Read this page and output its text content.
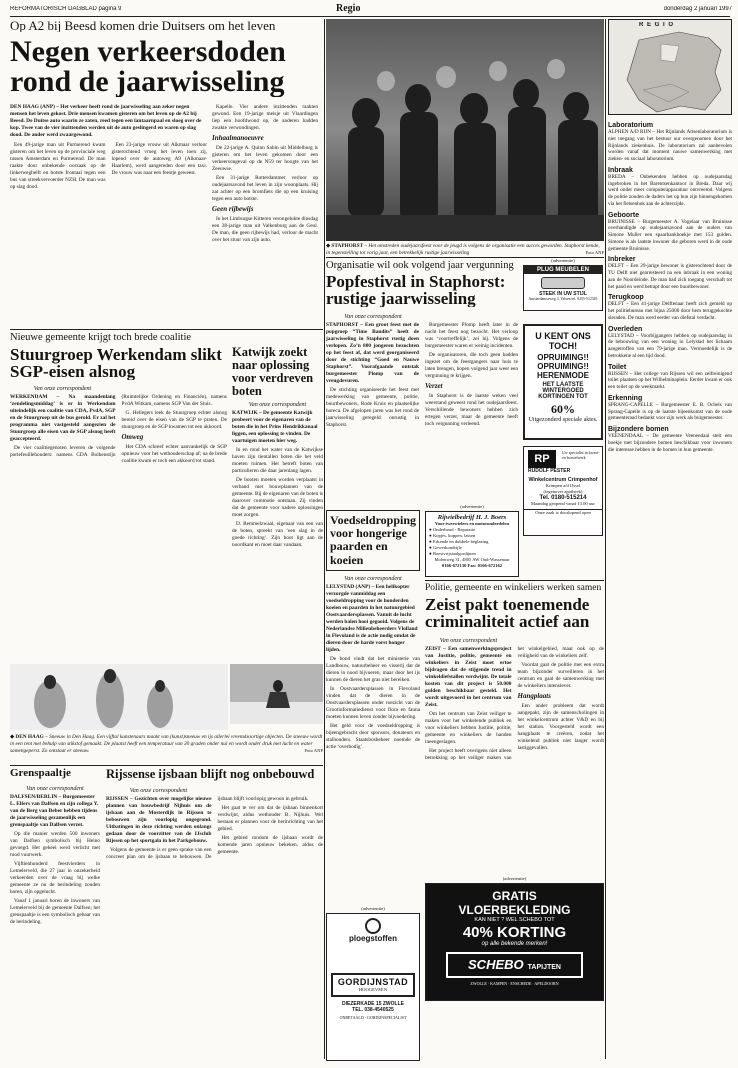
REFORMATORISCH DAGBLAD pagina 9	Regio	donderdag 2 januari 1997
Op A2 bij Beesd komen drie Duitsers om het leven
Negen verkeersdoden rond de jaarwisseling
DEN HAAG (ANP) – Het verkeer heeft rond de jaarwisseling aan zeker negen mensen het leven gekost. Drie mensen kwamen gisteren om het leven op de A2 bij Beesd. De Duitse auto waarin ze zaten, reed tegen een lantaarnpaal en sloeg over de kop. Twee van de vier inzittenden werden uit de auto geslingerd en waren op slag dood. De ander werd zwaargewond.

Een 49-jarige man uit Purmerend kwam gisteren om het leven op de provinciale weg tussen Amsterdam en Purmerend. De man raakte door onbekende oorzaak op de linkerweghelft en botste frontaal tegen een bus van streekvervoerder NZH. De man was op slag dood.

Een 23-jarige vrouw uit Alkmaar verloor gisterochtend vroeg het leven toen zij, lopend over de autoweg A9 (Alkmaar-Haarlem), werd aangereden door een taxi. De vrouw was naar een feestje geweest.

Kapelle. Vier andere inzittenden raakten gewond. Een 19-jarige meisje uit Vlaardingen liep een hoofdwond op, de anderen hadden zwakte verwondingen.

Inhaalmanoeuvre

De 22-jarige A. Quinn Sabin uit Middelburg is gisteren om het leven gekomen door een verkeersongeval op de N59 ter hoogte van het Zeeuwse.

Een 31-jarige Rotterdammer verloor op oudejaarsavond het leven in zijn woonplaats. Hij zat achter op een bromfiets die op een kruising tegen een auto botste.

Geen rijbewijs

In het Limburgse Kitteren verongelukte dinsdag een 38-jarige man uit Valkenburg aan de Geul. De man, die geen rijbewijs had, verloor de macht over het stuur van zijn auto.

◆ STAPHORST – Het omstreden oudejaarsfeest voor de jeugd is volgens de organisatie een succes geworden. Staphorst kende, in tegenstelling tot vorig jaar, een betrekkelijk rustige jaarwisseling	Foto ANP
R E G I O
Laboratorium
ALPHEN A/D RIJN – Het Rijnlands Artsenlaboratorium is niet toegang van het bestuur uur overgenomen door het Rijnlands ziekenhuis. De laboratorium zal aanbevolen worden vanaf dat moment nauwe samenwerking met zieken- en sociaal laboratorium.
Inbraak
BREDA – Onbekenden hebben op oudejaarsdag ingebroken in het Barentsenkantoor in Breda. Daar wij werd onder meer computerapparatuur ontvreemd. Volgens de politie zouden de daders het op hun zijn binnengekomen via het fietsenhok aan de achterzijde.
Geboorte
BRUINISSE – Burgemeester A. Vogelaar van Bruinisse overhandigde op oudejaarsavond aan de ouders van Simone Muller een spaarbankboekje met 153 gulden. Simone is als laatste inwoner die geboren werd in de oude gemeente Bruinisse.
Inbreker
DELFT – Een 29-jarige bewoner is gisterochtend door de TU Delft niet gearresteerd na een inbraak in een woning aan de Noordeinde. De man had zich toegang verschaft tot het pand en werd betrapt door een buurtbewoner.
Terugkoop
DELFT – Een 41-jarige Delftenaar heeft zich gemeld op het politiebureau met bijna 25000 door hem teruggekochte sieraden. De man werd eerder van diefstal verdacht.
Overleden
LELYSTAD – Voorbijgangers hebben op oudejaarsdag in de bebouwing van een woning in Lelystad het lichaam aangetroffen van een 79-jarige man. Vermoedelijk is de betrokkene al een tijd dood.
Toilet
RIJSSEN – Het college van Rijssen wil een zelfreinigend toilet plaatsen op het Wilhelminaplein. Eerder kwam er ook een toilet op de weekmarkt.
Erkenning
SPRANG-CAPELLE – Burgemeester E. B. Ochels van Sprang-Capelle is op de laatste bijeenkomst van de oude gemeenteraad bedankt voor zijn werk als burgemeester.
Bijzondere bomen
VEENENDAAL – De gemeente Veenendaal stelt een boekje met bijzondere bomen beschikbaar voor inwoners die interesse hebben in de bomen in hun gemeente.
Nieuwe gemeente krijgt toch brede coalitie
Stuurgroep Werkendam slikt SGP-eisen alsnog
Van onze correspondent

WERKENDAM – Na maandenlang ‘zendelingsmiddag’ is er in Werkendam uiteindelijk een coalitie van CDA, PvdA, SGP en de Stuurgroep uit de bus gerold. Er zal het programma niet vastgesteld aangezien de Stuurgroep alle eisen van de SGP alsnog heeft geaccepteerd.

De vier coalitiegenoten leveren de volgende portefeuillehouders: namens CDA Bolkenstijn (Ruimtelijke Ordening en Financiën), namens PvdA Witkam, namens SGP Van der Sluis.

G. Hellegers leek de Stuurgroep echter alsnog bereid over de eisen van de SGP te praten. De stuurgroep en de SGP kwamen tot een akkoord.

Omweg

Het CDA schreef echter aanvankelijk de SGP opnieuw voor het wethouderschap af; na de brede coalitie kwam er toch een akkoord tot stand.

Katwijk zoekt naar oplossing voor verdreven boten
Van onze correspondent

KATWIJK – De gemeente Katwijk probeert voor de eigenaren van de boten die in het Prins Hendrikkanaal liggen, een oplossing te vinden. De vaartuigen moeten hier weg.

In en rond het water van de Katwijkse haven zijn tientallen boten die het veld moeten ruimen. Het betreft boten van particulieren die daar jarenlang lagen.

De booten moeten worden verplaatst in verband met bouwplannen van de gemeente. Bij de eigenaren van de boten is daarover commotie ontstaan. Zij vinden dat de gemeente voor nadere oplossingen moet zorgen.

D. Remmelzwaal, eigenaar van een van de boten, spreekt van ‘een slag in de goede richting’. Zijn boot ligt aan de noordkant en moet daar vandaan.

Organisatie wil ook volgend jaar vergunning
Popfestival in Staphorst: rustige jaarwisseling
Van onze correspondent

STAPHORST – Een groot feest met de popgroep “Time Bandits” heeft de jaarwisseling in Staphorst rustig doen verlopen. Zo’n 800 jongeren bezochten op het feest af, dat werd georganiseerd door de stichting “Goed en Nauwe Staphorst”. Voorafgaande ontstak burgemeester Plomp van de vreugdevuren.

De stichting organiseerde het feest met medewerking van gemeente, politie, buurtbewoners, Rode Kruis en plaatselijke horeca. De afgelopen jaren was het rond de jaarwisseling geregeld onrustig in Staphorst.

Burgemeester Plomp heeft later in de nacht het feest nog bezocht. Het verloop was ‘voortreffelijk’, zei hij. Volgens de burgemeester waren er weinig incidenten.

De organisatoren, die toch geen hadden ingezet om de feestgangers naar huis te laten brengen, hopen volgend jaar weer een vergunning te krijgen.

Verzet

In Staphorst is de laatste weken veel weerstand geweest rond het oudejaarsfeest. Verschillende bewoners hebben zich ertegen verzet, maar de gemeente heeft toch vergunning verleend.

(advertentie)
PLUG MEUBELEN
STEEK IN UW STIJL
Amsterdamseweg 3, Velsen tel. 0255-512345
U KENT ONS
TOCH!
OPRUIMING!!
OPRUIMING!!
HERENMODE
HET LAATSTE
WINTERGOED
KORTINGEN TOT
60%
Uitgezonderd speciale aktes.
RP
Uw specialist in kwast- en borstelwerk
RUDOLF PESTER
Winkelcentrum Crimpenhof
Krimpen a/d IJssel
(tegenover apotheek)
Tel. 0180-515214
Maandag geopend vanaf 13.00 uur
Onze zaak is doorlopend open
Voedseldropping voor hongerige paarden en koeien
Van onze correspondent

LELYSTAD (ANP) – Een helikopter verzorgde vanmiddag een voedseldropping voor de honderden koeien en paarden in het natuurgebied Oostvaardersplassen. Vanuit de lucht werden balen hooi gegooid. Volgens de Nederlandse Milieubeheerders Vlolland in Flevoland is de actie nodig omdat de dieren door de harde vorst honger lijden.

De bond vindt dat het ministerie van Landbouw, natuurbeheer en visserij dat de dieren in nood bijvoeren, maar door het ijs kunnen de dieren het gras niet bereiken.

In Oostvaardersplassen in Flevoland vinden dat de dieren in de Oostvaardersplassen onder toezicht van de Grootinformatiedienst voor flora en fauna moeten kunnen leven zonder bijvoedering.

Het geld voor de voedseldropping is bijeengebracht door sponsors, donateurs en stalhouders. Staatsbosbeheer noemde de actie ‘overbodig’.

(advertentie)
Rijwielbedrijf H. J. Boers
Voor tweewielers en motoronderdelen
● Onderhoud - Reparatie
● Kopjes, koppen, lassen
● Erkende en dubbele beglazing
● Gewerkondrijle
● Roestvrijstaalgordijnen
Molenweg 31, 4805 AW Oud-Wassenaar
0166-672130 Fax: 0166-672162
◆ DEN HAAG – Sneeuw in Den Haag. Een vijftal kunstenaars maakt van (kunst)sneeuw en ijs allerlei vreemdsoortige objecten. De sneeuw wordt in een tent met behulp van stikstof gemaakt. De plaatst heeft een temperatuur van 30 graden onder nul en wordt onder druk met lucht en water samengeperst. Zo ontstaat er sneeuw.	Foto ANP
Grenspaaltje
Van onze correspondent

DALFSEN/BERLIN – Burgemeester L. Elfers van Dalfsen en zijn collega Y. van de Berg van Beber hebben tijdens de jaarwisseling gezamenlijk een grenspaaltje van Dalfsen verzet.

Op die manier werden 500 inwoners van Dalfsen symbolisch bij Heino gevoegd. Het geheel werd verlicht met rood vuurwerk.

Vijftienhonderd feestvierders in Lemelerveld, die 27 jaar in onzekerheid verkeerden over de vraag bij welke gemeente ze nu de herindeling zouden horen, zijn opgelucht.

Vanaf 1 januari horen de inwoners van Lemelerveld bij de gemeente Dalfsen; het grenspaaltje is een symbolisch gebaar van de herindeling.

Rijssense ijsbaan blijft nog onbebouwd
Van onze correspondent

RIJSSEN – Gezichten over mogelijke nieuwe plannen van bouwbedrijf Nijhuis om de ijsbaan aan de Mosterdijk in Rijssen te bebouwen zijn voorlopig ongegrond. Uitbatingen in deze richting werden onlangs gedaan door de voorzitter van de IJsclub Rijssen op het sportgala in het Parkgebouw.

Volgens de gemeente is er geen sprake van een concreet plan om de ijsbaan te bebouwen. De ijsbaan blijft voorlopig gewoon in gebruik.

Het gaat te ver om dat de ijsbaan binnenkort verdwijnt, aldus wethouder B. Nijhuis. Wel bestaan er plannen voor de herinrichting van het gebied.

Het gebied rondom de ijsbaan wordt de komende jaren opnieuw bekeken, aldus de gemeente.

Politie, gemeente en winkeliers werken samen
Zeist pakt toenemende criminaliteit actief aan
Van onze correspondent

ZEIST – Een samenwerkingsproject van Justitie, politie, gemeente en winkeliers in Zeist moet ertoe bijdragen dat de stijgende trend in winkeldiefstallen verdwijnt. De totale kosten van dit project is 50.000 gulden beschikbaar gesteld. Het wordt uitgevoerd in het centrum van Zeist.

Om het centrum van Zeist veiliger te maken voor het winkelende publiek en voor winkeliers hebben Justitie, politie, gemeente en winkeliers de handen ineengeslagen.

Het project heeft overigens niet alleen betrekking op het veiliger maken van het winkelgebied, maar ook op de veiligheid van de winkeliers zelf.

Voordat gaat de politie met een extra team bijzonder surveilleren in het centrum en gaat de samenwerking met de winkeliers intensiever.

Hangplaats

Een ander probleem dat wordt aangepakt, zijn de samenscholingen in het winkelcentrum achter V&D en bij het station. Voorgesteld wordt een hangplaats te creëren, zodat het winkelend publiek niet langer wordt lastiggevallen.

(advertentie)
ploegstoffen
GORDIJNSTAD
HOOGEVEEN
DIEZERKADE 15 ZWOLLE
TEL. 038-4540525
ONBETAALD - GORDIJNSPECIALIST
(advertentie)
GRATIS
VLOERBEKLEDING
KAN NIET ? WEL SCHEBO TOT
40% KORTING
op alle bekende merken!
SCHEBO TAPIJTEN
ZWOLLE · KAMPEN · ENSCHEDE · APELDOORN
